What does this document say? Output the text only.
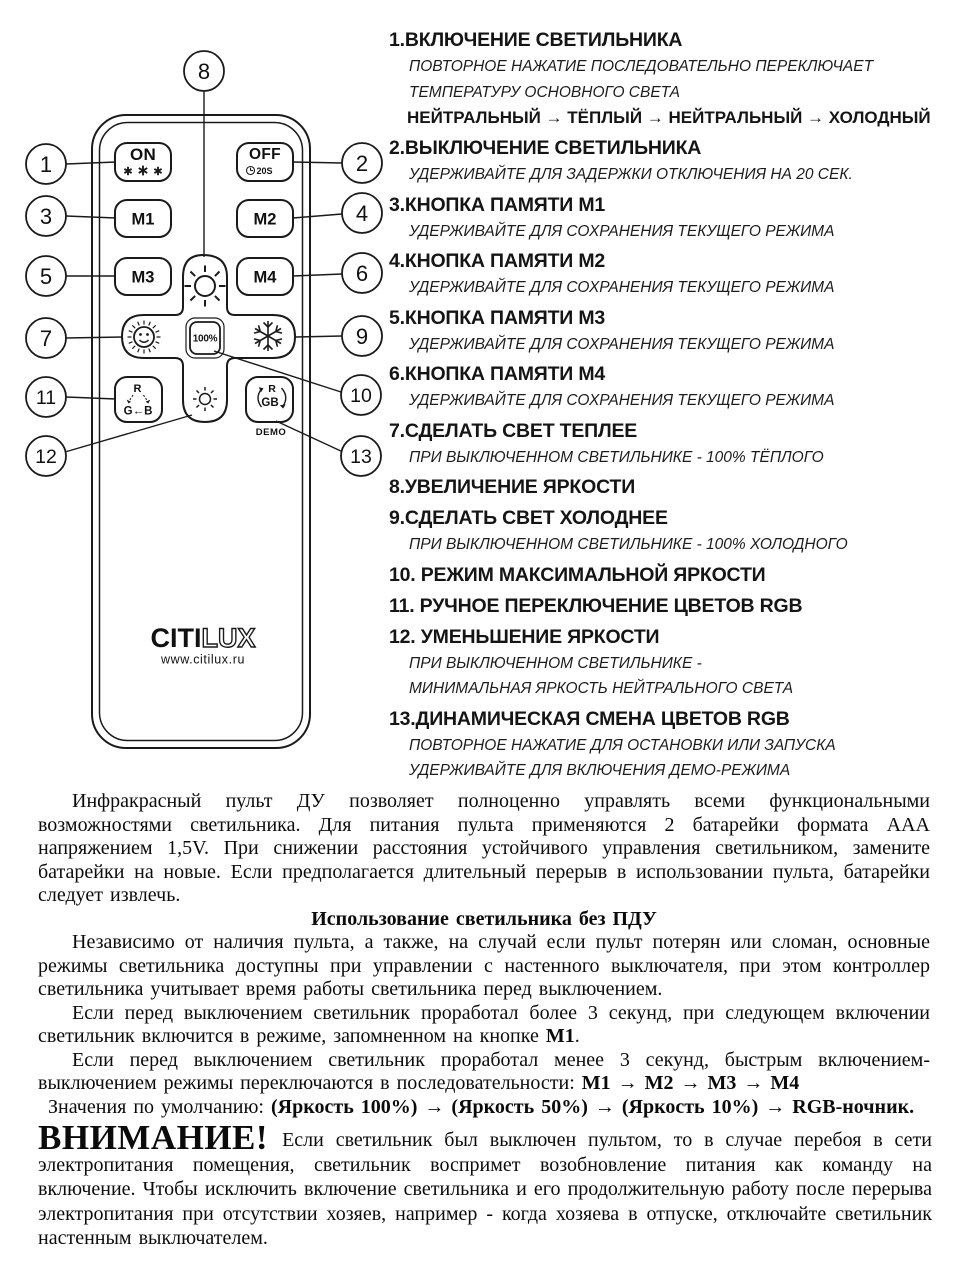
ON	OFF
20S
M1	M2
M3	M4
100%
R
G←B
R
GB
DEMO
CITILUX
www.citilux.ru
1	2
3	4
5	6
7
8
9
10
11
12	13
1.ВКЛЮЧЕНИЕ СВЕТИЛЬНИКА
ПОВТОРНОЕ НАЖАТИЕ ПОСЛЕДОВАТЕЛЬНО ПЕРЕКЛЮЧАЕТ ТЕМПЕРАТУРУ ОСНОВНОГО СВЕТА
НЕЙТРАЛЬНЫЙ → ТЁПЛЫЙ → НЕЙТРАЛЬНЫЙ → ХОЛОДНЫЙ
2.ВЫКЛЮЧЕНИЕ СВЕТИЛЬНИКА
УДЕРЖИВАЙТЕ ДЛЯ ЗАДЕРЖКИ ОТКЛЮЧЕНИЯ НА 20 СЕК.
3.КНОПКА ПАМЯТИ М1
УДЕРЖИВАЙТЕ ДЛЯ СОХРАНЕНИЯ ТЕКУЩЕГО РЕЖИМА
4.КНОПКА ПАМЯТИ М2
УДЕРЖИВАЙТЕ ДЛЯ СОХРАНЕНИЯ ТЕКУЩЕГО РЕЖИМА
5.КНОПКА ПАМЯТИ М3
УДЕРЖИВАЙТЕ ДЛЯ СОХРАНЕНИЯ ТЕКУЩЕГО РЕЖИМА
6.КНОПКА ПАМЯТИ М4
УДЕРЖИВАЙТЕ ДЛЯ СОХРАНЕНИЯ ТЕКУЩЕГО РЕЖИМА
7.СДЕЛАТЬ СВЕТ ТЕПЛЕЕ
ПРИ ВЫКЛЮЧЕННОМ СВЕТИЛЬНИКЕ - 100% ТЁПЛОГО
8.УВЕЛИЧЕНИЕ ЯРКОСТИ
9.СДЕЛАТЬ СВЕТ ХОЛОДНЕЕ
ПРИ ВЫКЛЮЧЕННОМ СВЕТИЛЬНИКЕ - 100% ХОЛОДНОГО
10. РЕЖИМ МАКСИМАЛЬНОЙ ЯРКОСТИ
11. РУЧНОЕ ПЕРЕКЛЮЧЕНИЕ ЦВЕТОВ RGB
12. УМЕНЬШЕНИЕ ЯРКОСТИ
ПРИ ВЫКЛЮЧЕННОМ СВЕТИЛЬНИКЕ -
МИНИМАЛЬНАЯ ЯРКОСТЬ НЕЙТРАЛЬНОГО СВЕТА
13.ДИНАМИЧЕСКАЯ СМЕНА ЦВЕТОВ RGB
ПОВТОРНОЕ НАЖАТИЕ ДЛЯ ОСТАНОВКИ ИЛИ ЗАПУСКА
УДЕРЖИВАЙТЕ ДЛЯ ВКЛЮЧЕНИЯ ДЕМО-РЕЖИМА

Инфракрасный пульт ДУ позволяет полноценно управлять всеми функциональными возможностями светильника. Для питания пульта применяются 2 батарейки формата ААА напряжением 1,5V. При снижении расстояния устойчивого управления светильником, замените батарейки на новые. Если предполагается длительный перерыв в использовании пульта, батарейки следует извлечь.

Использование светильника без ПДУ

Независимо от наличия пульта, а также, на случай если пульт потерян или сломан, основные режимы светильника доступны при управлении с настенного выключателя, при этом контроллер светильника учитывает время работы светильника перед выключением.

Если перед выключением светильник проработал более 3 секунд, при следующем включении светильник включится в режиме, запомненном на кнопке М1.

Если перед выключением светильник проработал менее 3 секунд, быстрым включением-выключением режимы переключаются в последовательности: М1 → М2 → М3 → М4

Значения по умолчанию: (Яркость 100%) → (Яркость 50%) → (Яркость 10%) → RGB-ночник.

ВНИМАНИЕ! Если светильник был выключен пультом, то в случае перебоя в сети электропитания помещения, светильник воспримет возобновление питания как команду на включение. Чтобы исключить включение светильника и его продолжительную работу после перерыва электропитания при отсутствии хозяев, например - когда хозяева в отпуске, отключайте светильник настенным выключателем.
